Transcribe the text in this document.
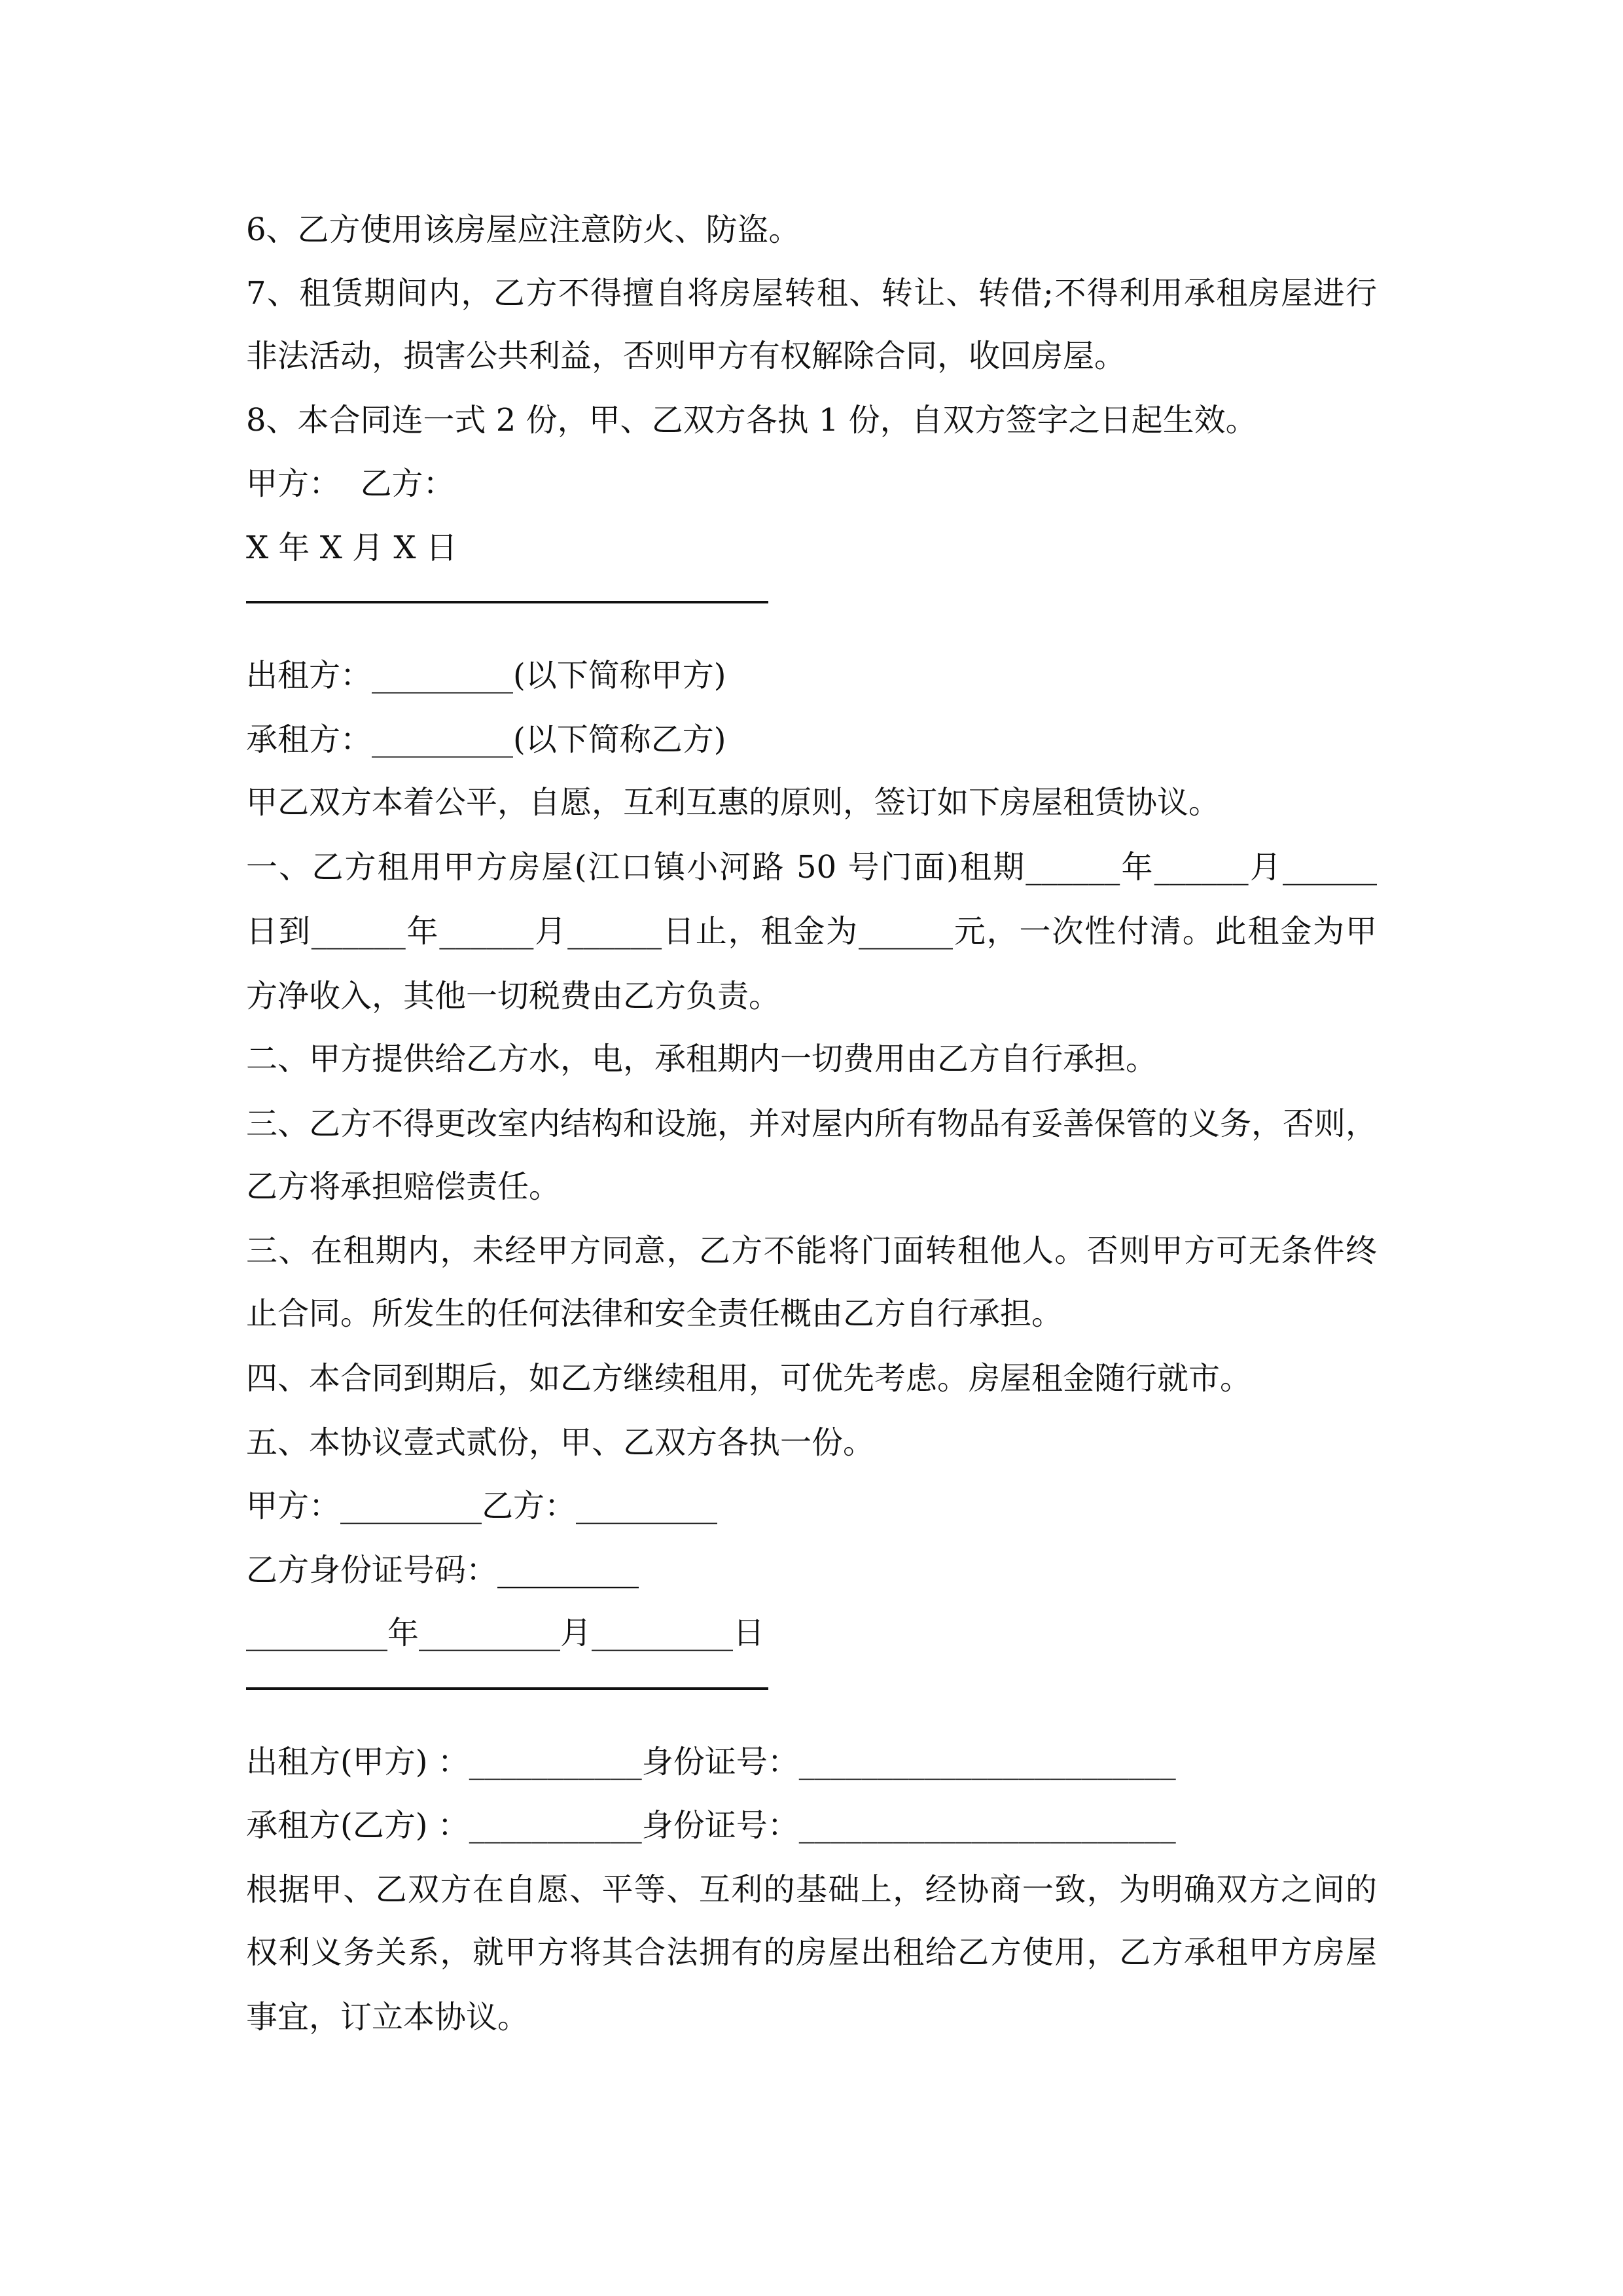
6、乙方使用该房屋应注意防火、防盗。
7、租赁期间内，乙方不得擅自将房屋转租、转让、转借;不得利用承租房屋进行
非法活动，损害公共利益，否则甲方有权解除合同，收回房屋。
8、本合同连一式 2 份，甲、乙双方各执 1 份，自双方签字之日起生效。
甲方：  乙方：
X 年 X 月 X 日
出租方：_________(以下简称甲方)
承租方：_________(以下简称乙方)
甲乙双方本着公平，自愿，互利互惠的原则，签订如下房屋租赁协议。
一、乙方租用甲方房屋(江口镇小河路 50 号门面)租期______年______月______
日到______年______月______日止，租金为______元，一次性付清。此租金为甲
方净收入，其他一切税费由乙方负责。
二、甲方提供给乙方水，电，承租期内一切费用由乙方自行承担。
三、乙方不得更改室内结构和设施，并对屋内所有物品有妥善保管的义务，否则，
乙方将承担赔偿责任。
三、在租期内，未经甲方同意，乙方不能将门面转租他人。否则甲方可无条件终
止合同。所发生的任何法律和安全责任概由乙方自行承担。
四、本合同到期后，如乙方继续租用，可优先考虑。房屋租金随行就市。
五、本协议壹式贰份，甲、乙双方各执一份。
甲方：_________乙方：_________
乙方身份证号码：_________
_________年_________月_________日
出租方(甲方) ：___________身份证号：________________________
承租方(乙方) ：___________身份证号：________________________
根据甲、乙双方在自愿、平等、互利的基础上，经协商一致，为明确双方之间的
权利义务关系，就甲方将其合法拥有的房屋出租给乙方使用，乙方承租甲方房屋
事宜，订立本协议。
